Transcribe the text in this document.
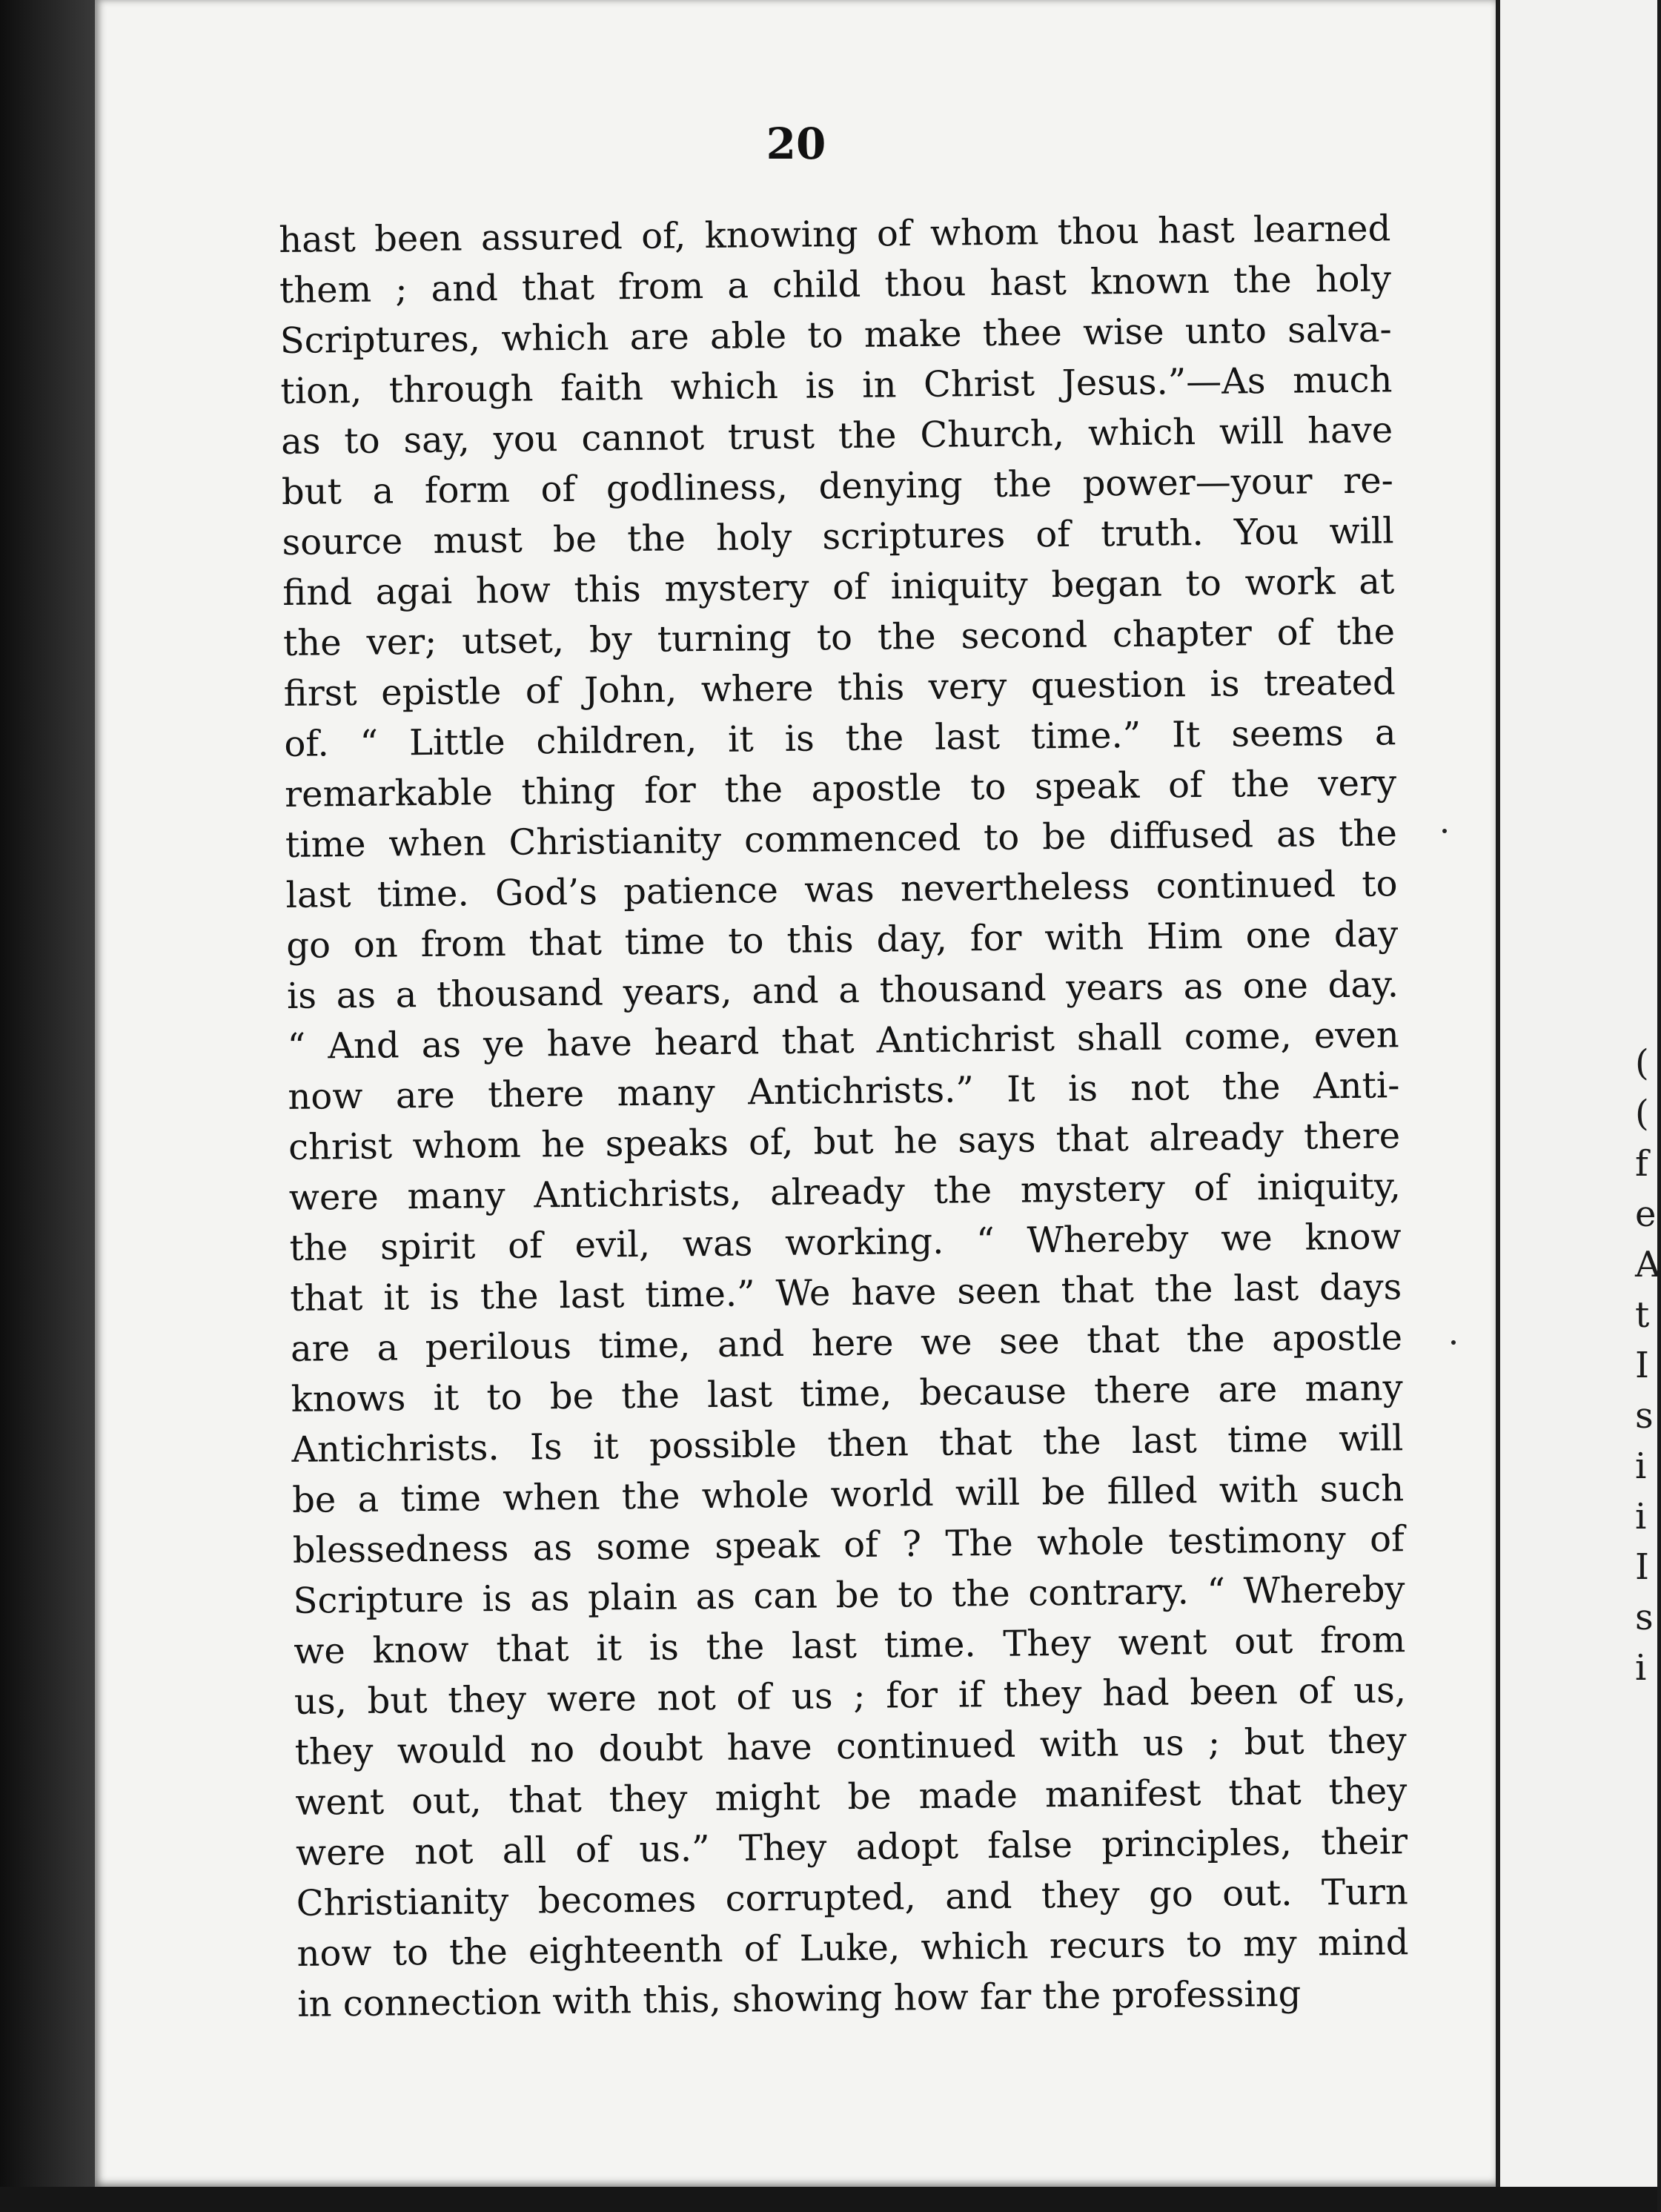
20
hast been assured of, knowing of whom thou hast learned
them ; and that from a child thou hast known the holy
Scriptures, which are able to make thee wise unto salva-
tion, through faith which is in Christ Jesus.”—As much
as to say, you cannot trust the Church, which will have
but a form of godliness, denying the power—your re-
source must be the holy scriptures of truth. You will
find agai how this mystery of iniquity began to work at
the ver; utset, by turning to the second chapter of the
first epistle of John, where this very question is treated
of. “ Little children, it is the last time.” It seems a
remarkable thing for the apostle to speak of the very
time when Christianity commenced to be diffused as the
last time. God’s patience was nevertheless continued to
go on from that time to this day, for with Him one day
is as a thousand years, and a thousand years as one day.
“ And as ye have heard that Antichrist shall come, even
now are there many Antichrists.” It is not the Anti-
christ whom he speaks of, but he says that already there
were many Antichrists, already the mystery of iniquity,
the spirit of evil, was working. “ Whereby we know
that it is the last time.” We have seen that the last days
are a perilous time, and here we see that the apostle
knows it to be the last time, because there are many
Antichrists. Is it possible then that the last time will
be a time when the whole world will be filled with such
blessedness as some speak of ? The whole testimony of
Scripture is as plain as can be to the contrary. “ Whereby
we know that it is the last time. They went out from
us, but they were not of us ; for if they had been of us,
they would no doubt have continued with us ; but they
went out, that they might be made manifest that they
were not all of us.” They adopt false principles, their
Christianity becomes corrupted, and they go out. Turn
now to the eighteenth of Luke, which recurs to my mind
in connection with this, showing how far the professing
(
(
f
e
A
t
I
s
i
i
I
s
i
